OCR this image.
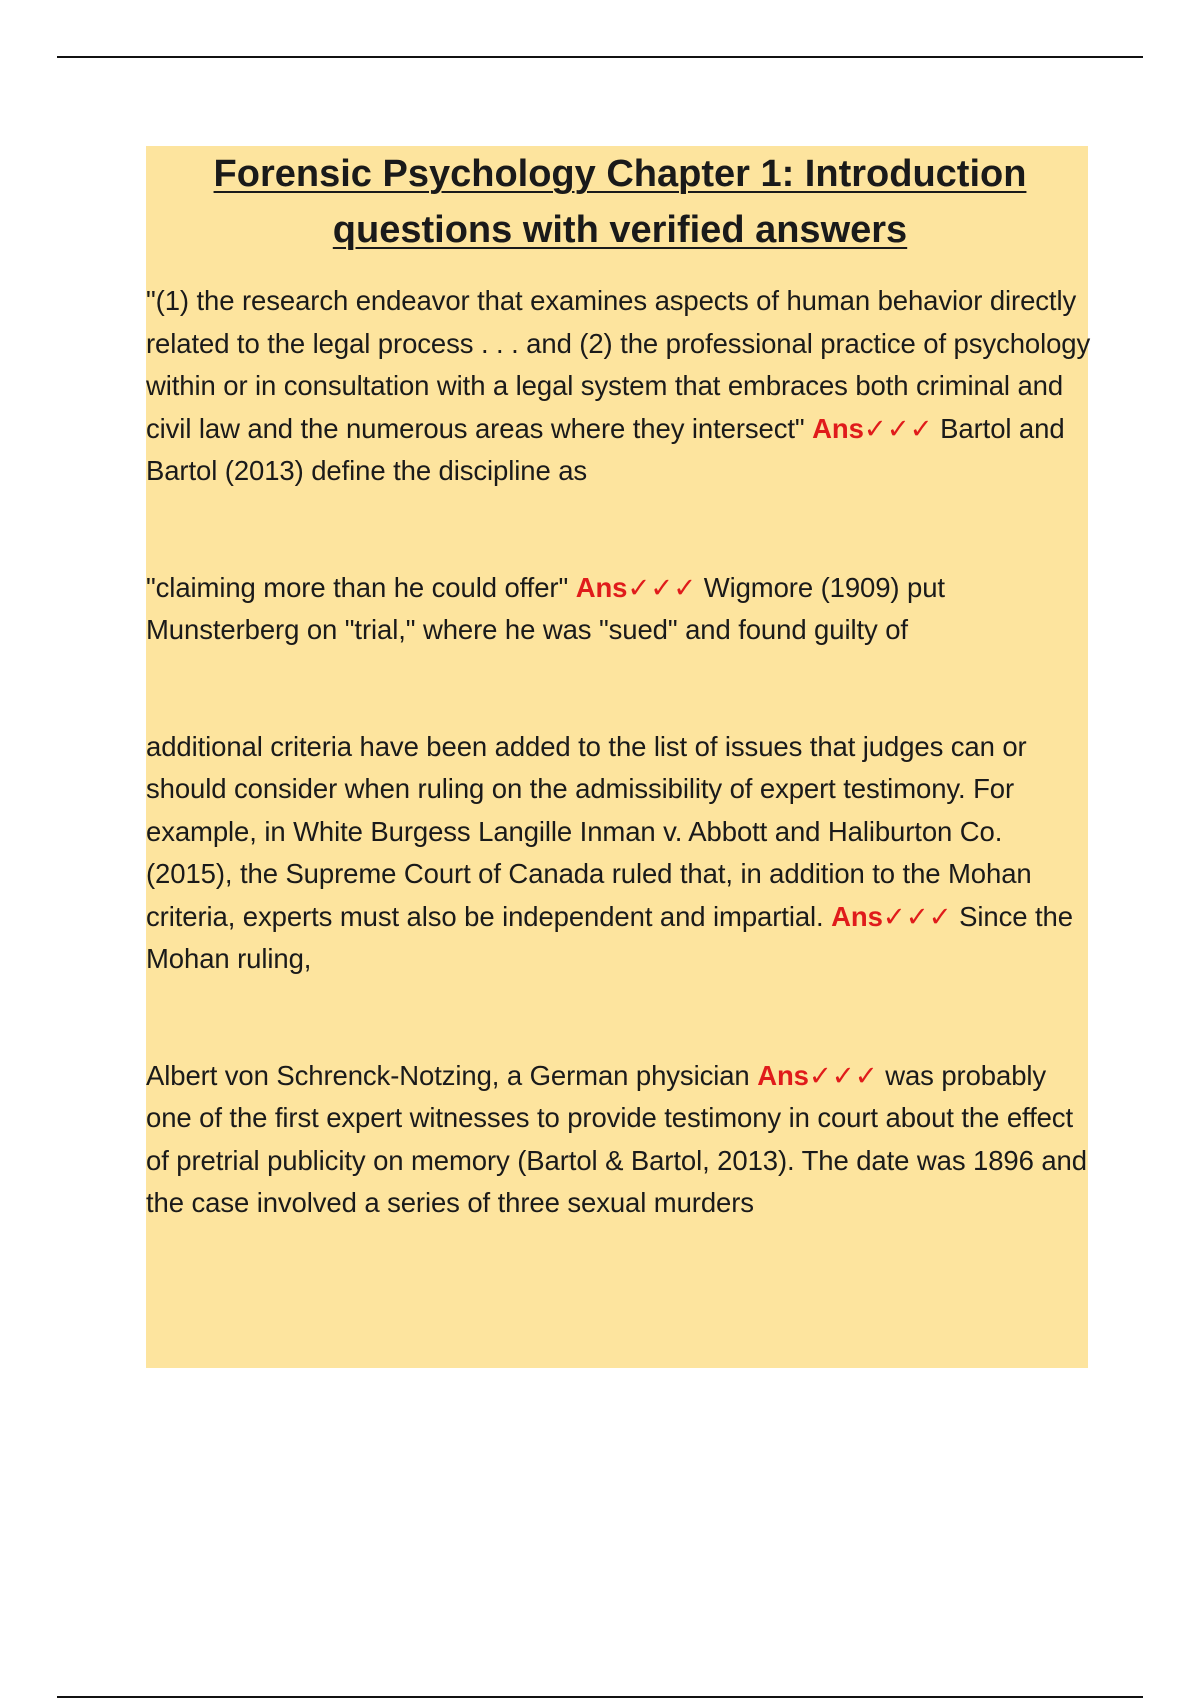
Forensic Psychology Chapter 1: Introduction
questions with verified answers

"(1) the research endeavor that examines aspects of human behavior directly related to the legal process . . . and (2) the professional practice of psychology within or in consultation with a legal system that embraces both criminal and civil law and the numerous areas where they intersect" Ans✓✓✓ Bartol and Bartol (2013) define the discipline as

"claiming more than he could offer" Ans✓✓✓ Wigmore (1909) put Munsterberg on "trial," where he was "sued" and found guilty of

additional criteria have been added to the list of issues that judges can or should consider when ruling on the admissibility of expert testimony. For example, in White Burgess Langille Inman v. Abbott and Haliburton Co. (2015), the Supreme Court of Canada ruled that, in addition to the Mohan criteria, experts must also be independent and impartial. Ans✓✓✓ Since the Mohan ruling,

Albert von Schrenck-Notzing, a German physician Ans✓✓✓ was probably one of the first expert witnesses to provide testimony in court about the effect of pretrial publicity on memory (Bartol & Bartol, 2013). The date was 1896 and the case involved a series of three sexual murders
